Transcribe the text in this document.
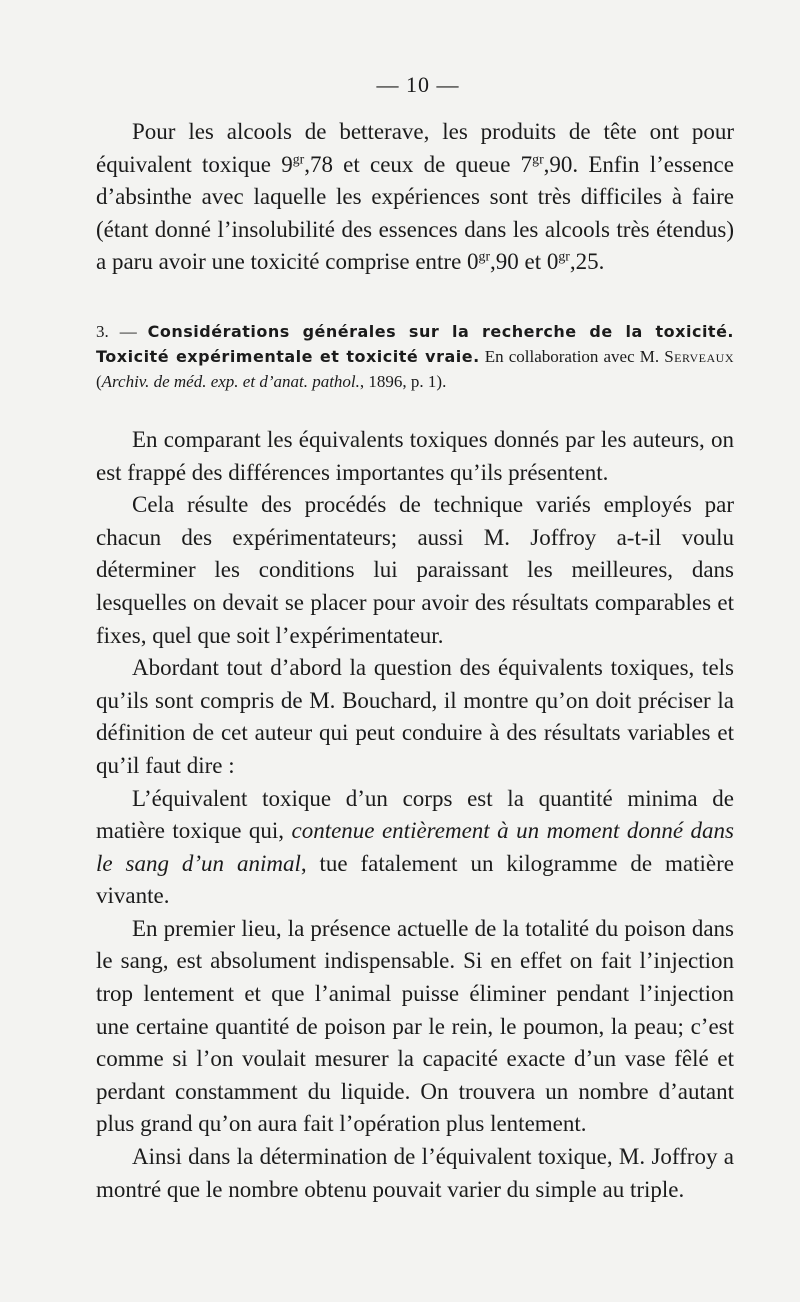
— 10 —

Pour les alcools de betterave, les produits de tête ont pour équivalent toxique $9^{gr},78$ et ceux de queue $7^{gr},90$. Enfin l’essence d’absinthe avec laquelle les expériences sont très difficiles à faire (étant donné l’insolubilité des essences dans les alcools très étendus) a paru avoir une toxicité comprise entre $0^{gr},90$ et $0^{gr},25$.

3. — Considérations générales sur la recherche de la toxicité. Toxicité expérimentale et toxicité vraie. En collaboration avec M. Serveaux (Archiv. de méd. exp. et d’anat. pathol., 1896, p. 1).

En comparant les équivalents toxiques donnés par les auteurs, on est frappé des différences importantes qu’ils présentent.

Cela résulte des procédés de technique variés employés par chacun des expérimentateurs; aussi M. Joffroy a-t-il voulu déterminer les conditions lui paraissant les meilleures, dans lesquelles on devait se placer pour avoir des résultats comparables et fixes, quel que soit l’expérimentateur.

Abordant tout d’abord la question des équivalents toxiques, tels qu’ils sont compris de M. Bouchard, il montre qu’on doit préciser la définition de cet auteur qui peut conduire à des résultats variables et qu’il faut dire :

L’équivalent toxique d’un corps est la quantité minima de matière toxique qui, contenue entièrement à un moment donné dans le sang d’un animal, tue fatalement un kilogramme de matière vivante.

En premier lieu, la présence actuelle de la totalité du poison dans le sang, est absolument indispensable. Si en effet on fait l’injection trop lentement et que l’animal puisse éliminer pendant l’injection une certaine quantité de poison par le rein, le poumon, la peau; c’est comme si l’on voulait mesurer la capacité exacte d’un vase fêlé et perdant constamment du liquide. On trouvera un nombre d’autant plus grand qu’on aura fait l’opération plus lentement.

Ainsi dans la détermination de l’équivalent toxique, M. Joffroy a montré que le nombre obtenu pouvait varier du simple au triple.
